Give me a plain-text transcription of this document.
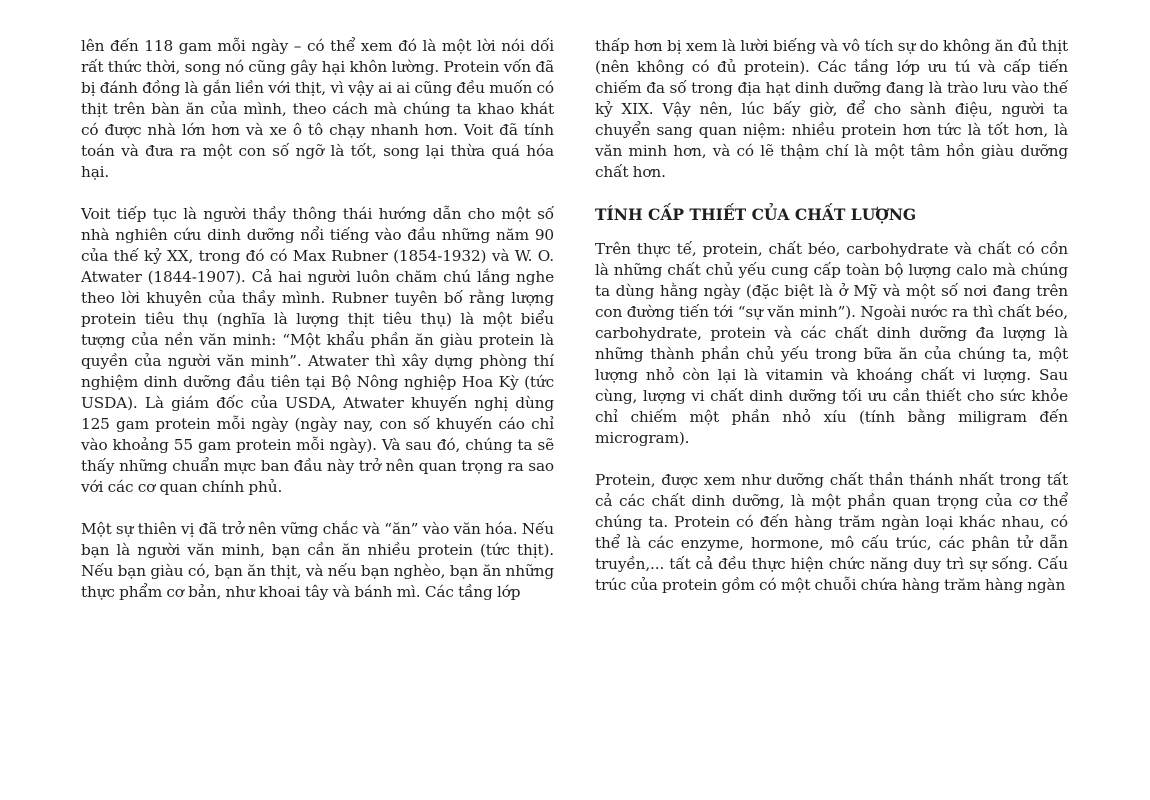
lên đến 118 gam mỗi ngày – có thể xem đó là một lời nói dối rất thức thời, song nó cũng gây hại khôn lường. Protein vốn đã bị đánh đồng là gắn liền với thịt, vì vậy ai ai cũng đều muốn có thịt trên bàn ăn của mình, theo cách mà chúng ta khao khát có được nhà lớn hơn và xe ô tô chạy nhanh hơn. Voit đã tính toán và đưa ra một con số ngỡ là tốt, song lại thừa quá hóa hại.

Voit tiếp tục là người thầy thông thái hướng dẫn cho một số nhà nghiên cứu dinh dưỡng nổi tiếng vào đầu những năm 90 của thế kỷ XX, trong đó có Max Rubner (1854-1932) và W. O. Atwater (1844-1907). Cả hai người luôn chăm chú lắng nghe theo lời khuyên của thầy mình. Rubner tuyên bố rằng lượng protein tiêu thụ (nghĩa là lượng thịt tiêu thụ) là một biểu tượng của nền văn minh: “Một khẩu phần ăn giàu protein là quyền của người văn minh”. Atwater thì xây dựng phòng thí nghiệm dinh dưỡng đầu tiên tại Bộ Nông nghiệp Hoa Kỳ (tức USDA). Là giám đốc của USDA, Atwater khuyến nghị dùng 125 gam protein mỗi ngày (ngày nay, con số khuyến cáo chỉ vào khoảng 55 gam protein mỗi ngày). Và sau đó, chúng ta sẽ thấy những chuẩn mực ban đầu này trở nên quan trọng ra sao với các cơ quan chính phủ.

Một sự thiên vị đã trở nên vững chắc và “ăn” vào văn hóa. Nếu bạn là người văn minh, bạn cần ăn nhiều protein (tức thịt). Nếu bạn giàu có, bạn ăn thịt, và nếu bạn nghèo, bạn ăn những thực phẩm cơ bản, như khoai tây và bánh mì. Các tầng lớp

thấp hơn bị xem là lười biếng và vô tích sự do không ăn đủ thịt (nên không có đủ protein). Các tầng lớp ưu tú và cấp tiến chiếm đa số trong địa hạt dinh dưỡng đang là trào lưu vào thế kỷ XIX. Vậy nên, lúc bấy giờ, để cho sành điệu, người ta chuyển sang quan niệm: nhiều protein hơn tức là tốt hơn, là văn minh hơn, và có lẽ thậm chí là một tâm hồn giàu dưỡng chất hơn.

TÍNH CẤP THIẾT CỦA CHẤT LƯỢNG

Trên thực tế, protein, chất béo, carbohydrate và chất có cồn là những chất chủ yếu cung cấp toàn bộ lượng calo mà chúng ta dùng hằng ngày (đặc biệt là ở Mỹ và một số nơi đang trên con đường tiến tới “sự văn minh”). Ngoài nước ra thì chất béo, carbohydrate, protein và các chất dinh dưỡng đa lượng là những thành phần chủ yếu trong bữa ăn của chúng ta, một lượng nhỏ còn lại là vitamin và khoáng chất vi lượng. Sau cùng, lượng vi chất dinh dưỡng tối ưu cần thiết cho sức khỏe chỉ chiếm một phần nhỏ xíu (tính bằng miligram đến microgram).

Protein, được xem như dưỡng chất thần thánh nhất trong tất cả các chất dinh dưỡng, là một phần quan trọng của cơ thể chúng ta. Protein có đến hàng trăm ngàn loại khác nhau, có thể là các enzyme, hormone, mô cấu trúc, các phân tử dẫn truyền,... tất cả đều thực hiện chức năng duy trì sự sống. Cấu trúc của protein gồm có một chuỗi chứa hàng trăm hàng ngàn
